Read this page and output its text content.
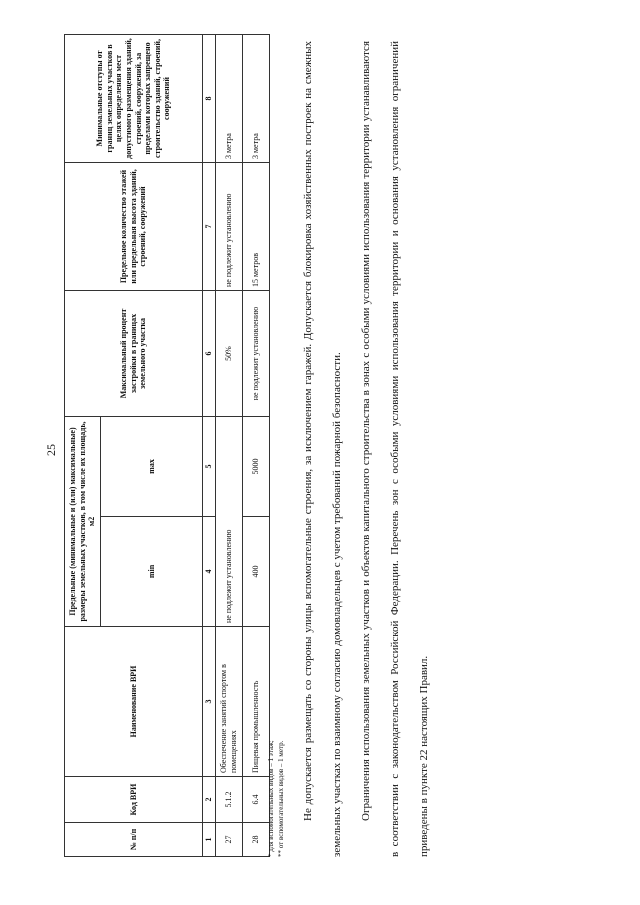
25
№ п/п	Код ВРИ	Наименование ВРИ	Предельные (минимальные и (или) максимальные) размеры земельных участков, в том числе их площадь, м2		Максимальный процент застройки в границах земельного участка	Предельное количество этажей или предельная высота зданий, строений, сооружений	Минимальные отступы от границ земельных участков в целях определения мест допустимого размещения зданий, строений, сооружений, за пределами которых запрещено строительство зданий, строений, сооружений
			min	max			
1	2	3	4	5	6	7	8
27	5.1.2	Обеспечение занятий спортом в помещениях	не подлежит установлению		50%	не подлежит установлению	3 метра
28	6.4	Пищевая промышленность	400	5000	не подлежит установлению	15 метров	3 метра
* для вспомогательных видов – 1 этаж; ** от вспомогательных видов – 1 метр.	Не допускается размещать со стороны улицы вспомогательные строения, за исключением гаражей. Допускается блокировка хозяйственных построек на смежных земельных участках по взаимному согласию домовладельцев с учетом требований пожарной безопасности.	Ограничения использования земельных участков и объектов капитального строительства в зонах с особыми условиями использования территории устанавливаются в соответствии с законодательством Российской Федерации. Перечень зон с особыми условиями использования территории и основания установления ограничений приведены в пункте 22 настоящих Правил.
